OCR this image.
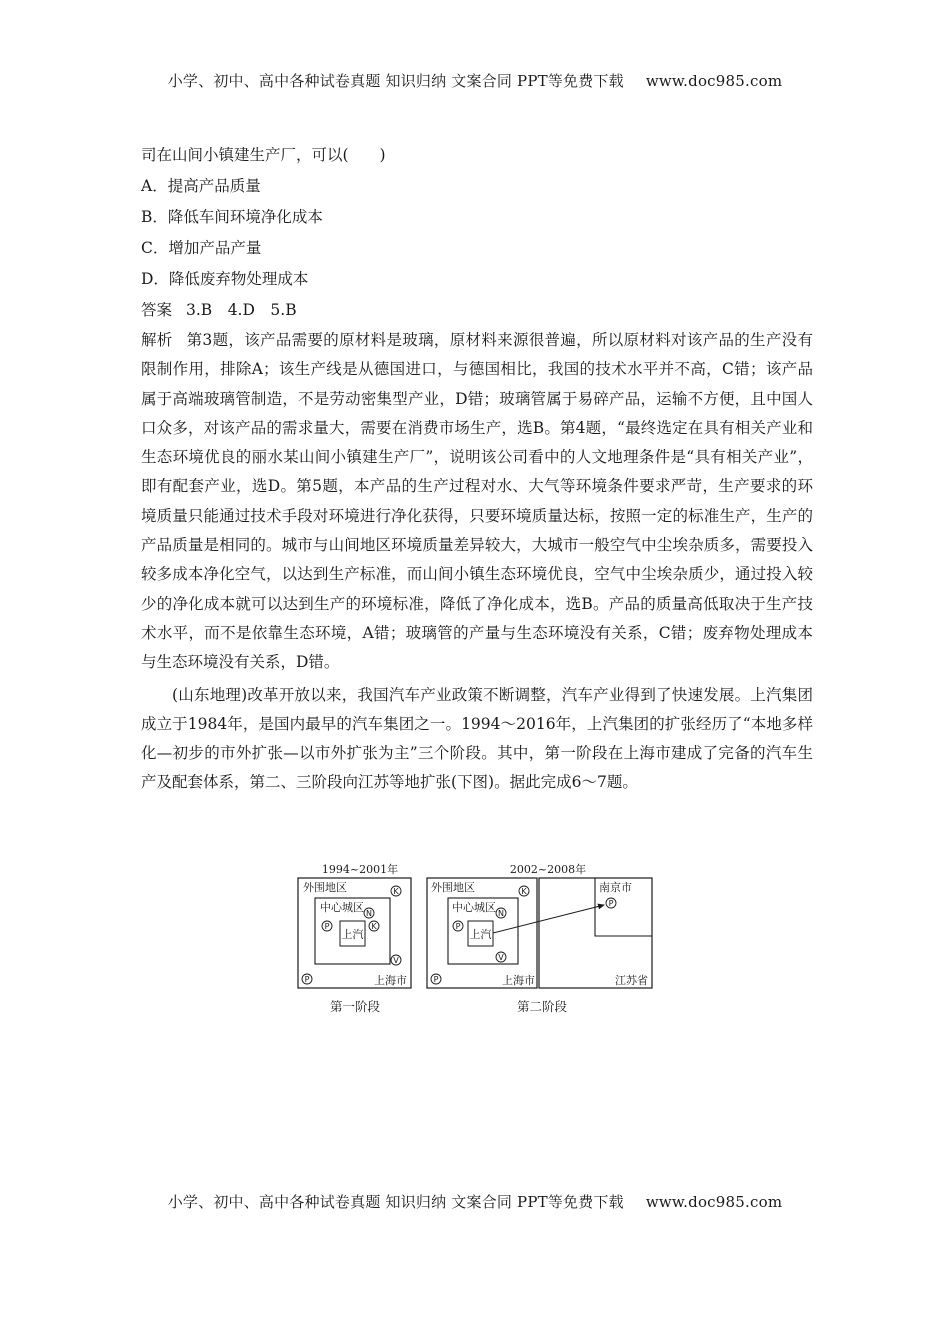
小学、初中、高中各种试卷真题 知识归纳 文案合同 PPT等免费下载 www.doc985.com
司在山间小镇建生产厂，可以(　　)
A．提高产品质量
B．降低车间环境净化成本
C．增加产品产量
D．降低废弃物处理成本
答案 3.B　4.D　5.B

解析 第3题，该产品需要的原材料是玻璃，原材料来源很普遍，所以原材料对该产品的生产没有限制作用，排除A；该生产线是从德国进口，与德国相比，我国的技术水平并不高，C错；该产品属于高端玻璃管制造，不是劳动密集型产业，D错；玻璃管属于易碎产品，运输不方便，且中国人口众多，对该产品的需求量大，需要在消费市场生产，选B。第4题，“最终选定在具有相关产业和生态环境优良的丽水某山间小镇建生产厂”，说明该公司看中的人文地理条件是“具有相关产业”，即有配套产业，选D。第5题，本产品的生产过程对水、大气等环境条件要求严苛，生产要求的环境质量只能通过技术手段对环境进行净化获得，只要环境质量达标，按照一定的标准生产，生产的产品质量是相同的。城市与山间地区环境质量差异较大，大城市一般空气中尘埃杂质多，需要投入较多成本净化空气，以达到生产标准，而山间小镇生态环境优良，空气中尘埃杂质少，通过投入较少的净化成本就可以达到生产的环境标准，降低了净化成本，选B。产品的质量高低取决于生产技术水平，而不是依靠生态环境，A错；玻璃管的产量与生态环境没有关系，C错；废弃物处理成本与生态环境没有关系，D错。

(山东地理)改革开放以来，我国汽车产业政策不断调整，汽车产业得到了快速发展。上汽集团成立于1984年，是国内最早的汽车集团之一。1994～2016年，上汽集团的扩张经历了“本地多样化—初步的市外扩张—以市外扩张为主”三个阶段。其中，第一阶段在上海市建成了完备的汽车生产及配套体系，第二、三阶段向江苏等地扩张(下图)。据此完成6～7题。

1994~2001年
外围地区
中心城区
上汽
上海市
P
N
K
V
P
K
第一阶段
2002~2008年
外围地区
中心城区
上汽
上海市
南京市
江苏省
P
N
K
V
P
P
第二阶段
小学、初中、高中各种试卷真题 知识归纳 文案合同 PPT等免费下载 www.doc985.com
